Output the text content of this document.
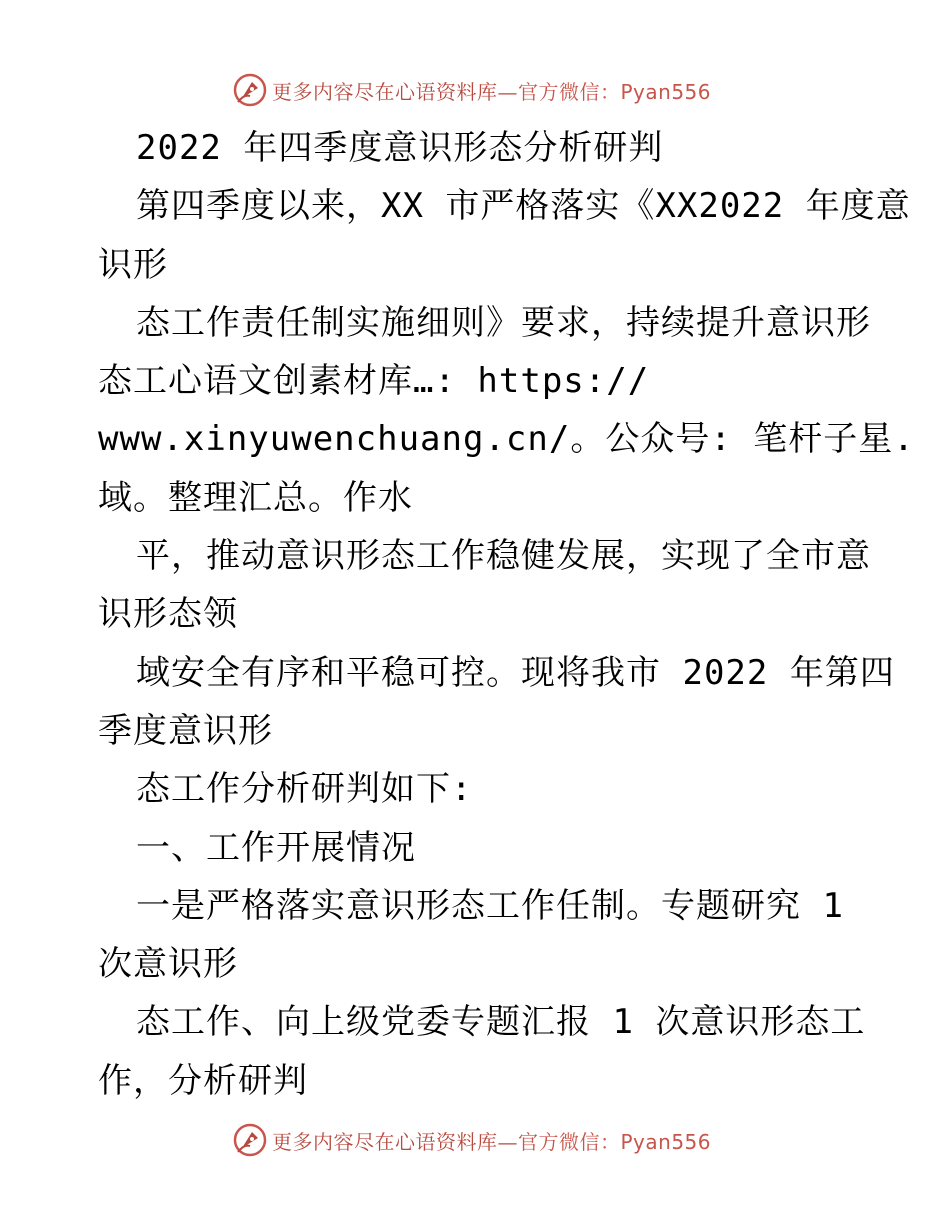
更多内容尽在心语资料库—官方微信：Pyan556
2022 年四季度意识形态分析研判
第四季度以来，XX 市严格落实《XX2022 年度意
识形
态工作责任制实施细则》要求，持续提升意识形
态工心语文创素材库…: https://
www.xinyuwenchuang.cn/。公众号: 笔杆子星.
域。整理汇总。作水
平，推动意识形态工作稳健发展，实现了全市意
识形态领
域安全有序和平稳可控。现将我市 2022 年第四
季度意识形
态工作分析研判如下:
一、工作开展情况
一是严格落实意识形态工作任制。专题研究 1
次意识形
态工作、向上级党委专题汇报 1 次意识形态工
作，分析研判
更多内容尽在心语资料库—官方微信：Pyan556
